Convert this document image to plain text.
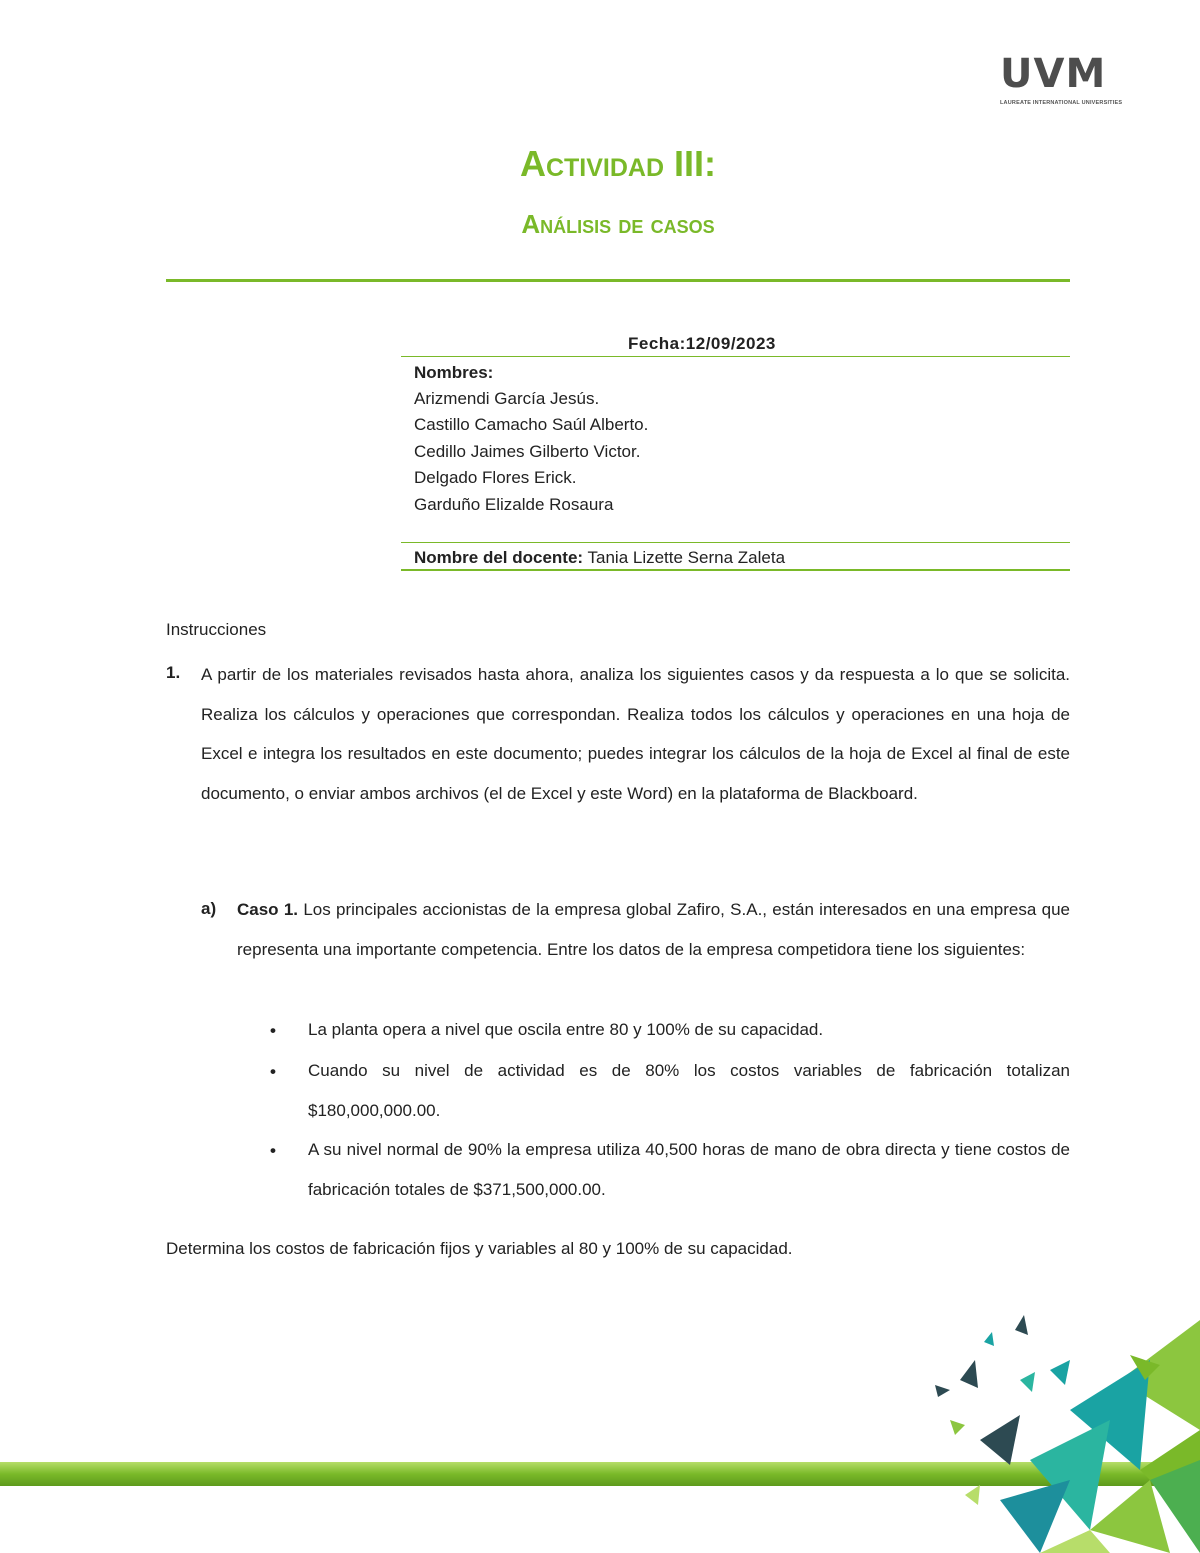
UVM
LAUREATE INTERNATIONAL UNIVERSITIES
Actividad III:
Análisis de casos
Fecha:12/09/2023
Nombres:
Arizmendi García Jesús.
Castillo Camacho Saúl Alberto.
Cedillo Jaimes Gilberto Victor.
Delgado Flores Erick.
Garduño Elizalde Rosaura
Nombre del docente: Tania Lizette Serna Zaleta
Instrucciones
1. A partir de los materiales revisados hasta ahora, analiza los siguientes casos y da respuesta a lo que se solicita. Realiza los cálculos y operaciones que correspondan. Realiza todos los cálculos y operaciones en una hoja de Excel e integra los resultados en este documento; puedes integrar los cálculos de la hoja de Excel al final de este documento, o enviar ambos archivos (el de Excel y este Word) en la plataforma de Blackboard.
a) Caso 1. Los principales accionistas de la empresa global Zafiro, S.A., están interesados en una empresa que representa una importante competencia. Entre los datos de la empresa competidora tiene los siguientes:
• La planta opera a nivel que oscila entre 80 y 100% de su capacidad.
• Cuando su nivel de actividad es de 80% los costos variables de fabricación totalizan $180,000,000.00.
• A su nivel normal de 90% la empresa utiliza 40,500 horas de mano de obra directa y tiene costos de fabricación totales de $371,500,000.00.
Determina los costos de fabricación fijos y variables al 80 y 100% de su capacidad.
